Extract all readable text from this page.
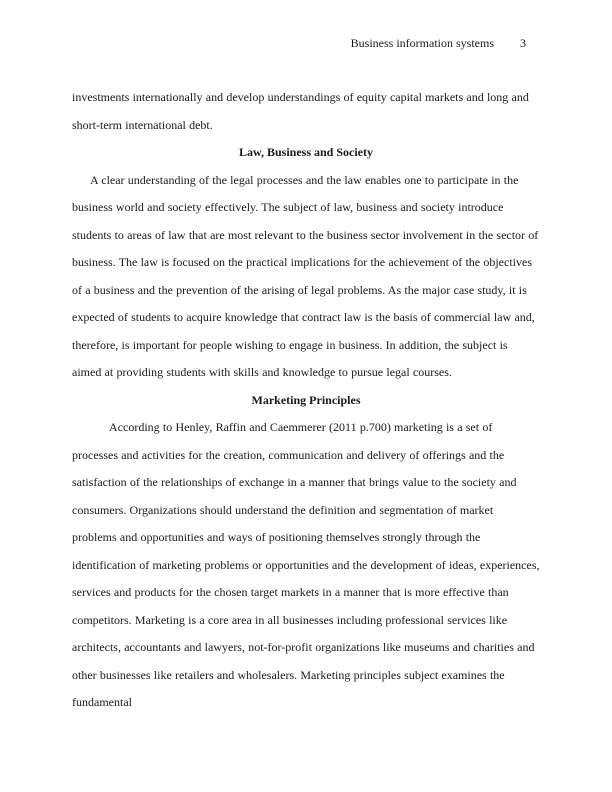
Business information systems 3

investments internationally and develop understandings of equity capital markets and long and short-term international debt.

Law, Business and Society

A clear understanding of the legal processes and the law enables one to participate in the business world and society effectively. The subject of law, business and society introduce students to areas of law that are most relevant to the business sector involvement in the sector of business. The law is focused on the practical implications for the achievement of the objectives of a business and the prevention of the arising of legal problems. As the major case study, it is expected of students to acquire knowledge that contract law is the basis of commercial law and, therefore, is important for people wishing to engage in business. In addition, the subject is aimed at providing students with skills and knowledge to pursue legal courses.

Marketing Principles

According to Henley, Raffin and Caemmerer (2011 p.700) marketing is a set of processes and activities for the creation, communication and delivery of offerings and the satisfaction of the relationships of exchange in a manner that brings value to the society and consumers. Organizations should understand the definition and segmentation of market problems and opportunities and ways of positioning themselves strongly through the identification of marketing problems or opportunities and the development of ideas, experiences, services and products for the chosen target markets in a manner that is more effective than competitors. Marketing is a core area in all businesses including professional services like architects, accountants and lawyers, not-for-profit organizations like museums and charities and other businesses like retailers and wholesalers. Marketing principles subject examines the fundamental
